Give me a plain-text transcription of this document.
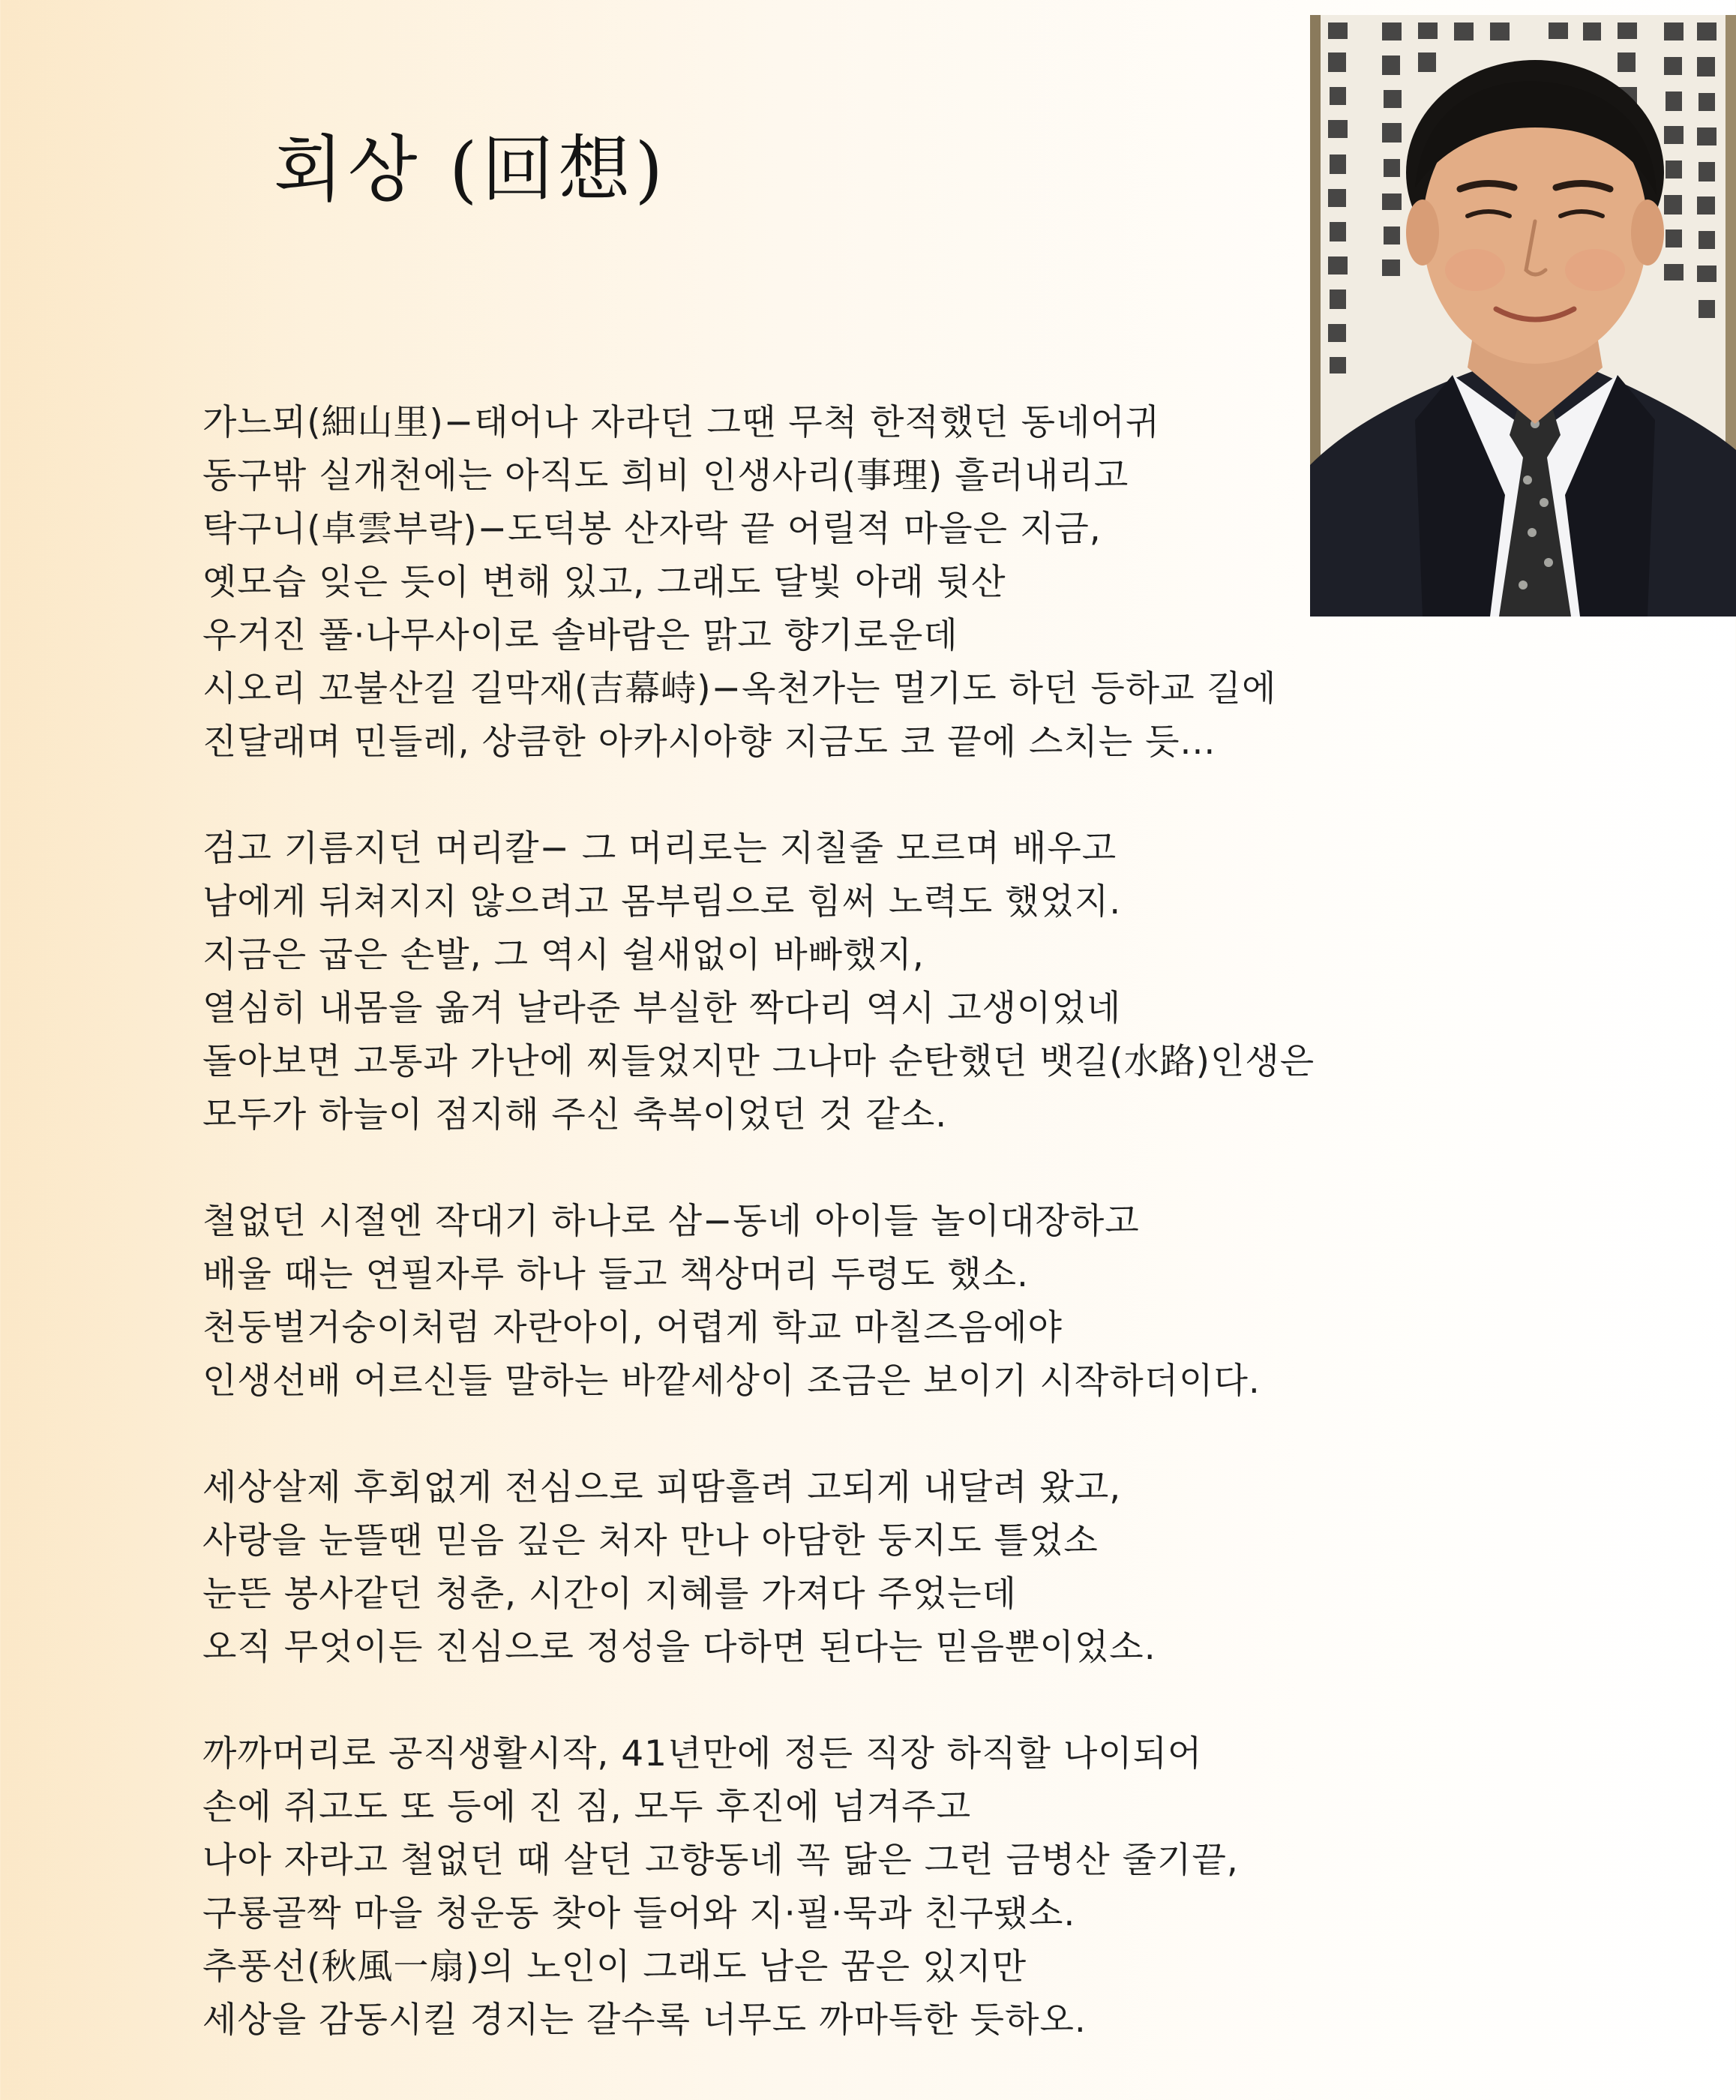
회상 (回想)
가느뫼(細山里)−태어나 자라던 그땐 무척 한적했던 동네어귀
동구밖 실개천에는 아직도 희비 인생사리(事理) 흘러내리고
탁구니(卓雲부락)−도덕봉 산자락 끝 어릴적 마을은 지금,
옛모습 잊은 듯이 변해 있고, 그래도 달빛 아래 뒷산
우거진 풀·나무사이로 솔바람은 맑고 향기로운데
시오리 꼬불산길 길막재(吉幕峙)−옥천가는 멀기도 하던 등하교 길에
진달래며 민들레, 상큼한 아카시아향 지금도 코 끝에 스치는 듯...
검고 기름지던 머리칼− 그 머리로는 지칠줄 모르며 배우고
남에게 뒤쳐지지 않으려고 몸부림으로 힘써 노력도 했었지.
지금은 굽은 손발, 그 역시 쉴새없이 바빠했지,
열심히 내몸을 옮겨 날라준 부실한 짝다리 역시 고생이었네
돌아보면 고통과 가난에 찌들었지만 그나마 순탄했던 뱃길(水路)인생은
모두가 하늘이 점지해 주신 축복이었던 것 같소.
철없던 시절엔 작대기 하나로 삼−동네 아이들 놀이대장하고
배울 때는 연필자루 하나 들고 책상머리 두령도 했소.
천둥벌거숭이처럼 자란아이, 어렵게 학교 마칠즈음에야
인생선배 어르신들 말하는 바깥세상이 조금은 보이기 시작하더이다.
세상살제 후회없게 전심으로 피땀흘려 고되게 내달려 왔고,
사랑을 눈뜰땐 믿음 깊은 처자 만나 아담한 둥지도 틀었소
눈뜬 봉사같던 청춘, 시간이 지혜를 가져다 주었는데
오직 무엇이든 진심으로 정성을 다하면 된다는 믿음뿐이었소.
까까머리로 공직생활시작, 41년만에 정든 직장 하직할 나이되어
손에 쥐고도 또 등에 진 짐, 모두 후진에 넘겨주고
나아 자라고 철없던 때 살던 고향동네 꼭 닮은 그런 금병산 줄기끝,
구룡골짝 마을 청운동 찾아 들어와 지·필·묵과 친구됐소.
추풍선(秋風一扇)의 노인이 그래도 남은 꿈은 있지만
세상을 감동시킬 경지는 갈수록 너무도 까마득한 듯하오.
